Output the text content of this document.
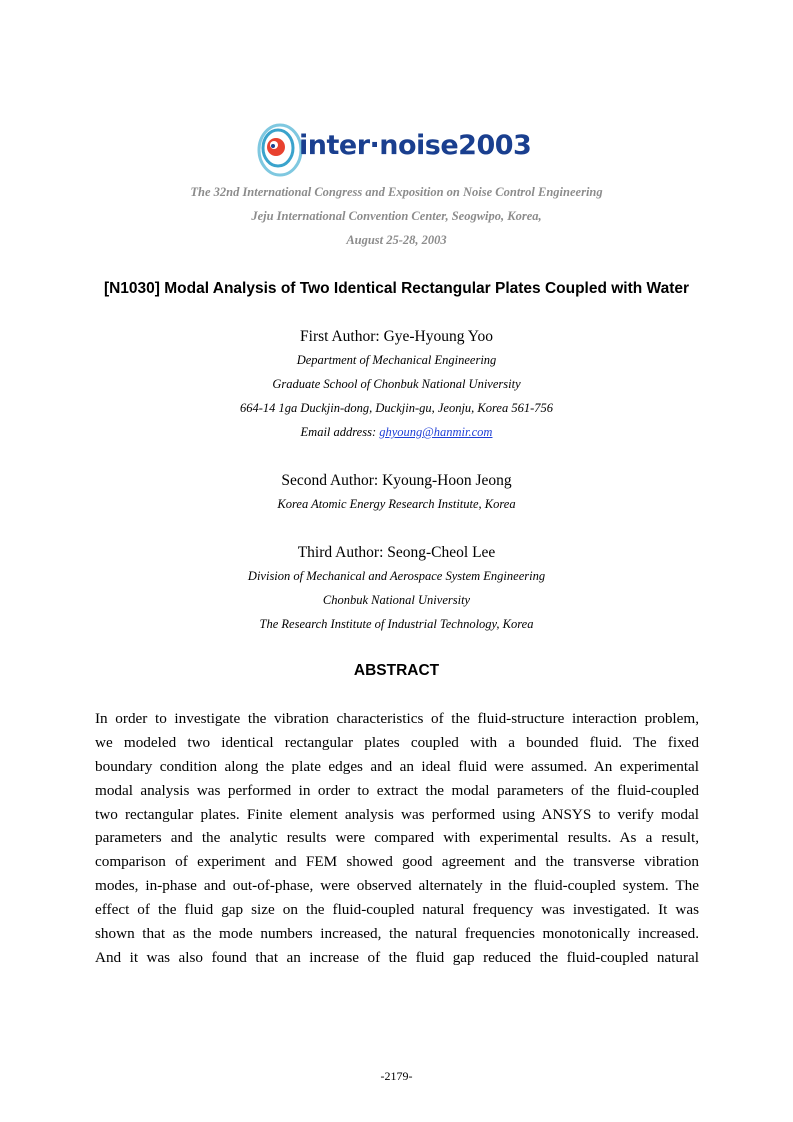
inter·noise2003
The 32nd International Congress and Exposition on Noise Control Engineering
Jeju International Convention Center, Seogwipo, Korea,
August 25-28, 2003
[N1030] Modal Analysis of Two Identical Rectangular Plates Coupled with Water
First Author: Gye-Hyoung Yoo
Department of Mechanical Engineering
Graduate School of Chonbuk National University
664-14 1ga Duckjin-dong, Duckjin-gu, Jeonju, Korea 561-756
Email address: ghyoung@hanmir.com
Second Author: Kyoung-Hoon Jeong
Korea Atomic Energy Research Institute, Korea
Third Author: Seong-Cheol Lee
Division of Mechanical and Aerospace System Engineering
Chonbuk National University
The Research Institute of Industrial Technology, Korea
ABSTRACT
In order to investigate the vibration characteristics of the fluid-structure interaction problem,
we modeled two identical rectangular plates coupled with a bounded fluid. The fixed
boundary condition along the plate edges and an ideal fluid were assumed. An experimental
modal analysis was performed in order to extract the modal parameters of the fluid-coupled
two rectangular plates. Finite element analysis was performed using ANSYS to verify modal
parameters and the analytic results were compared with experimental results. As a result,
comparison of experiment and FEM showed good agreement and the transverse vibration
modes, in-phase and out-of-phase, were observed alternately in the fluid-coupled system. The
effect of the fluid gap size on the fluid-coupled natural frequency was investigated. It was
shown that as the mode numbers increased, the natural frequencies monotonically increased.
And it was also found that an increase of the fluid gap reduced the fluid-coupled natural
-2179-
